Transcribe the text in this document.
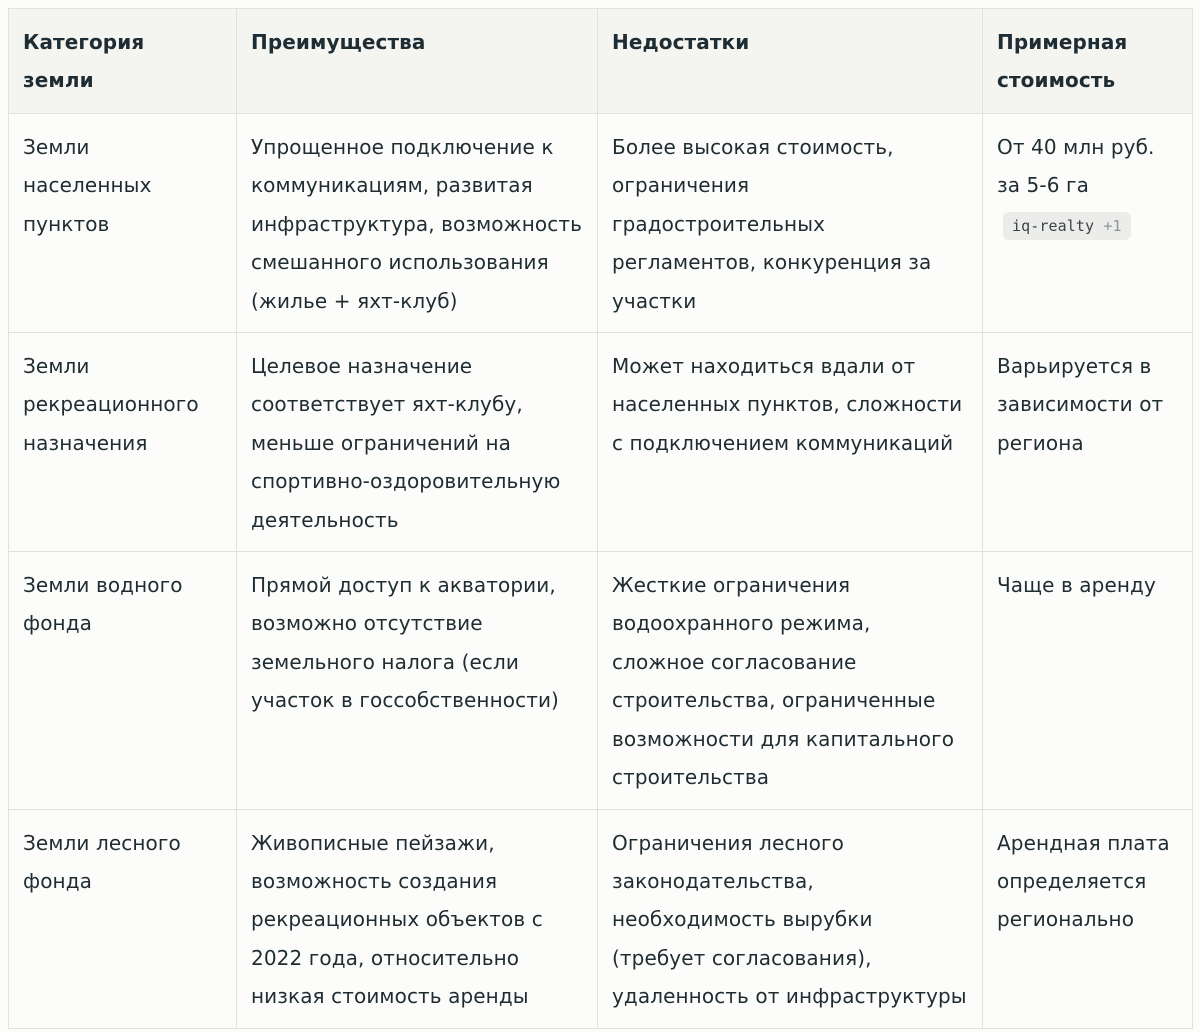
Категория земли	Преимущества	Недостатки	Примерная стоимость
Земли населенных пунктов	Упрощенное подключение к коммуникациям, развитая инфраструктура, возможность смешанного использования (жилье + яхт-клуб)	Более высокая стоимость, ограничения градостроительных регламентов, конкуренция за участки	От 40 млн руб. за 5-6 га
iq-realty +1
Земли рекреационного назначения	Целевое назначение соответствует яхт-клубу, меньше ограничений на спортивно-оздоровительную деятельность	Может находиться вдали от населенных пунктов, сложности с подключением коммуникаций	Варьируется в зависимости от региона
Земли водного фонда	Прямой доступ к акватории, возможно отсутствие земельного налога (если участок в госсобственности)	Жесткие ограничения водоохранного режима, сложное согласование строительства, ограниченные возможности для капитального строительства	Чаще в аренду
Земли лесного фонда	Живописные пейзажи, возможность создания рекреационных объектов с 2022 года, относительно низкая стоимость аренды	Ограничения лесного законодательства, необходимость вырубки (требует согласования), удаленность от инфраструктуры	Арендная плата определяется регионально
